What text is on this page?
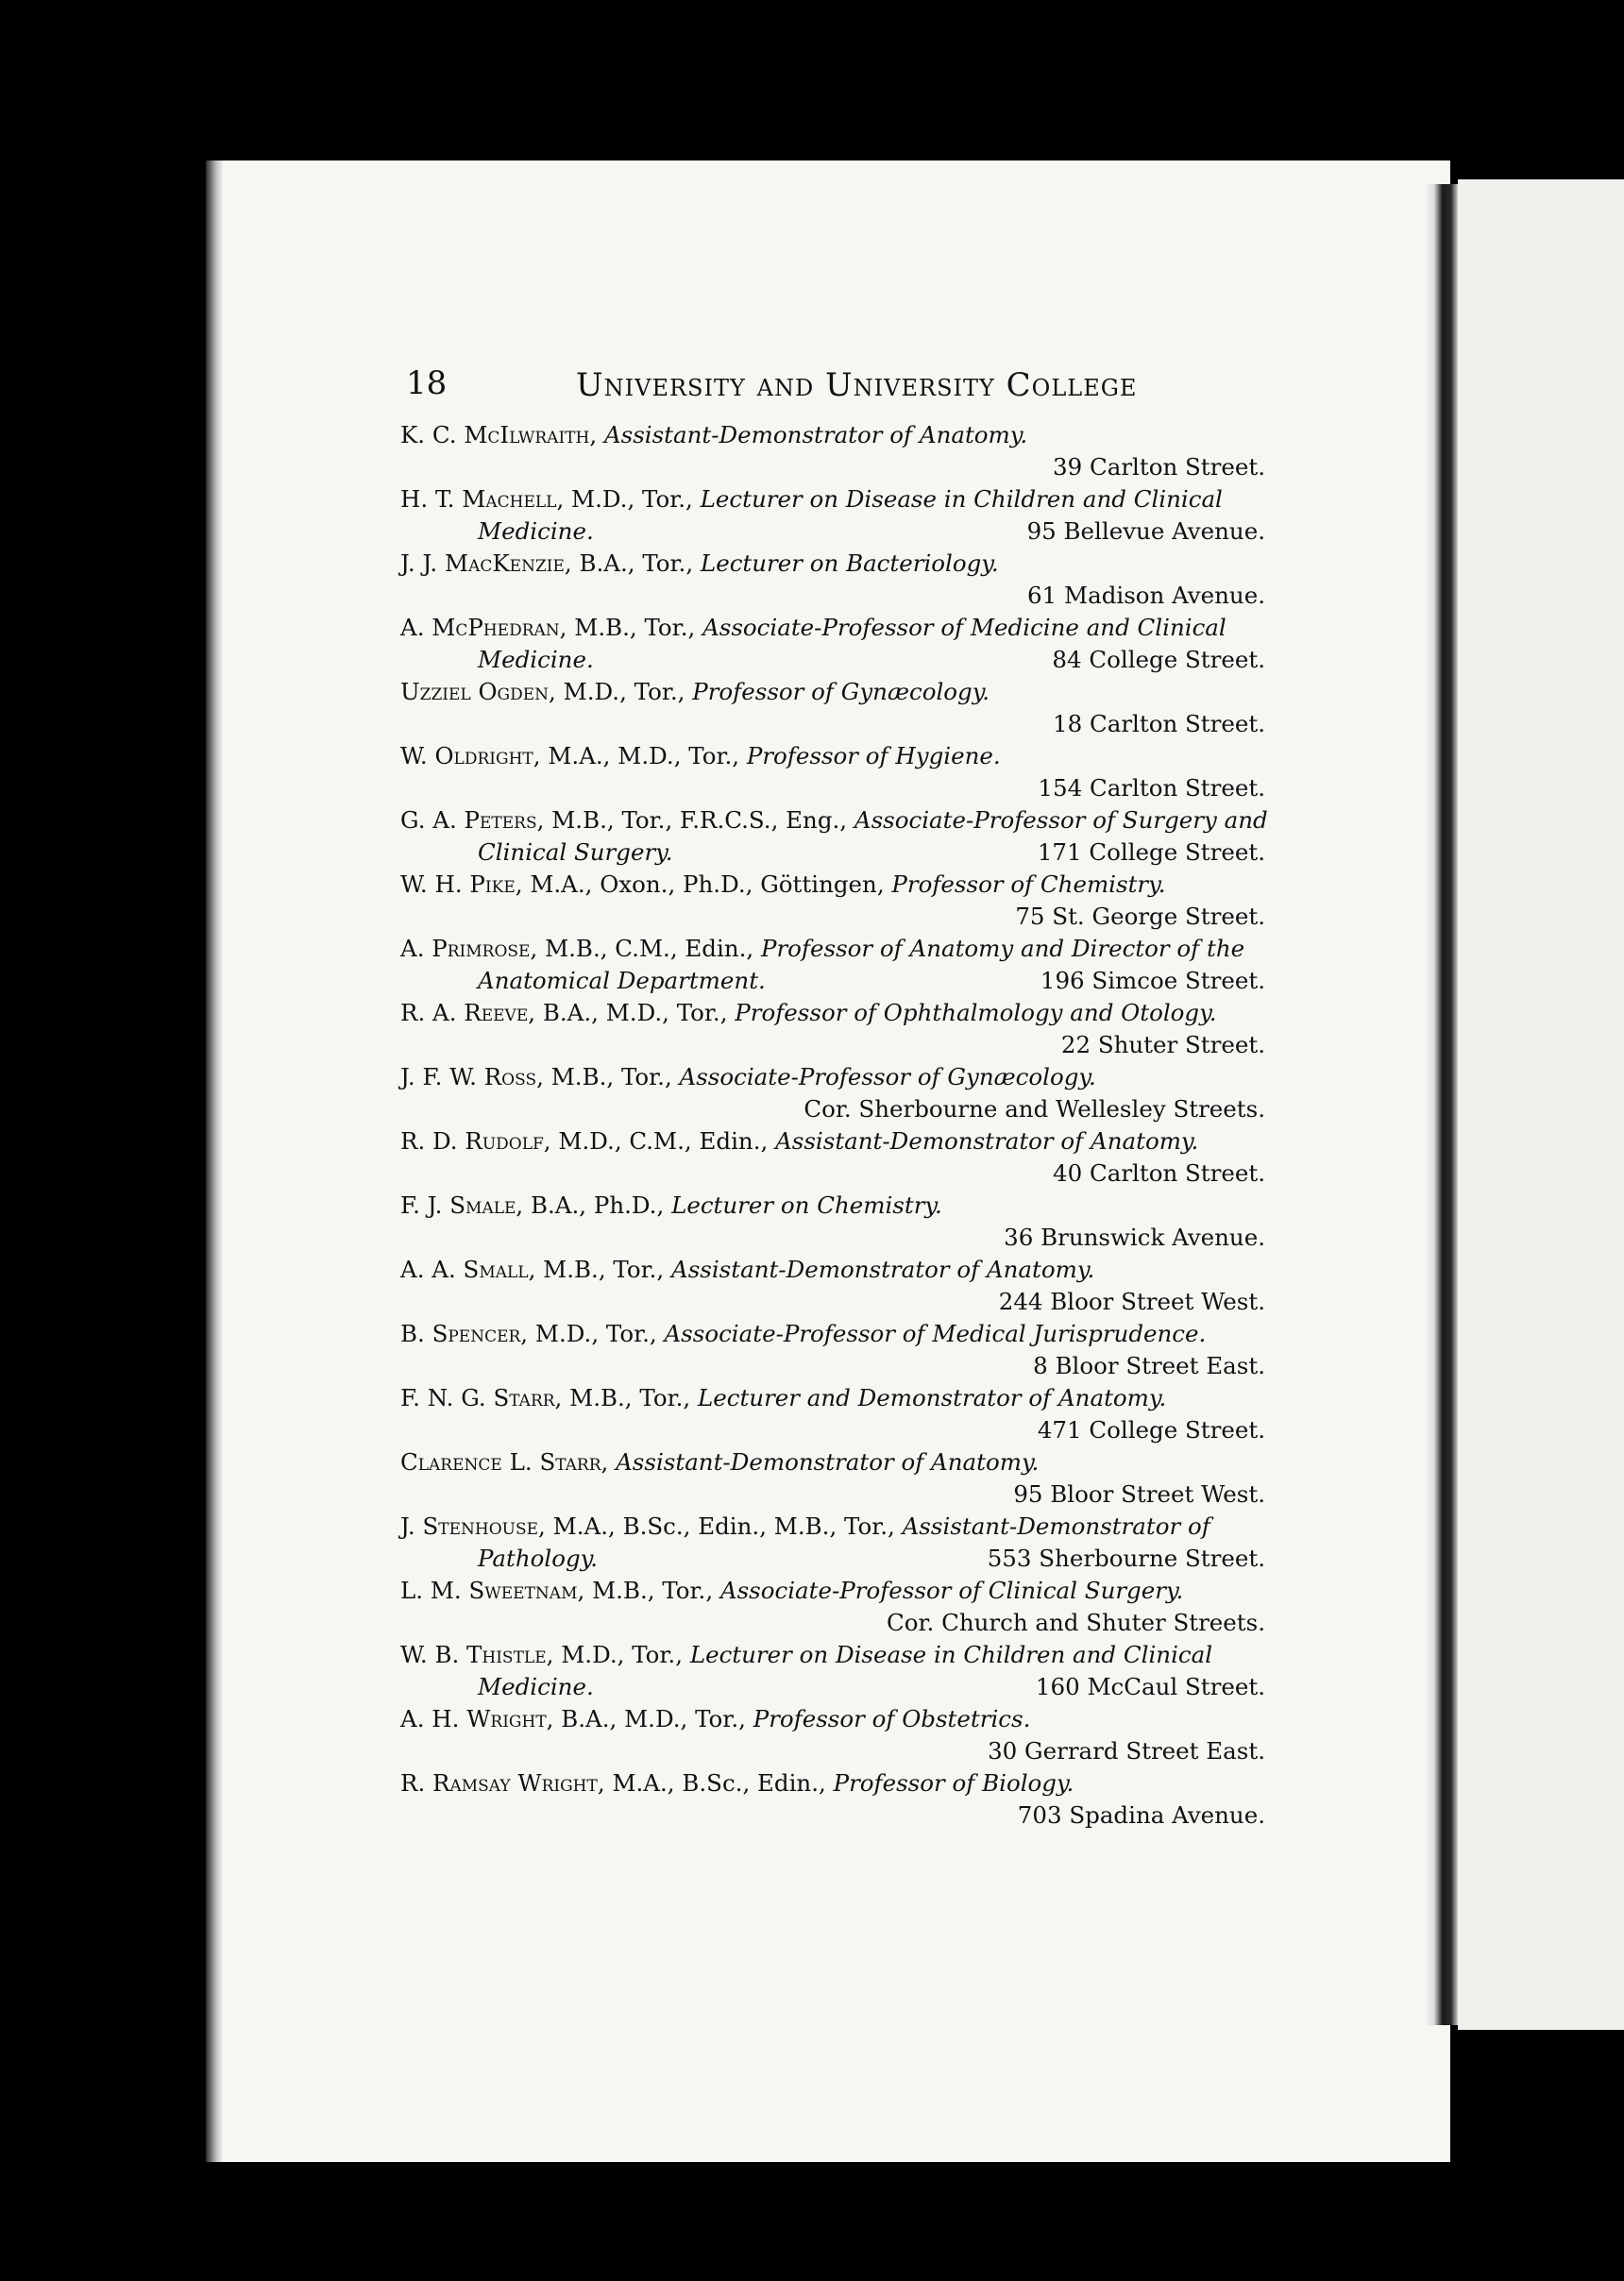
18	University and University College
K. C. McIlwraith, Assistant-Demonstrator of Anatomy.
39 Carlton Street.
H. T. Machell, M.D., Tor., Lecturer on Disease in Children and Clinical
Medicine.	95 Bellevue Avenue.
J. J. MacKenzie, B.A., Tor., Lecturer on Bacteriology.
61 Madison Avenue.
A. McPhedran, M.B., Tor., Associate-Professor of Medicine and Clinical
Medicine.	84 College Street.
Uzziel Ogden, M.D., Tor., Professor of Gynæcology.
18 Carlton Street.
W. Oldright, M.A., M.D., Tor., Professor of Hygiene.
154 Carlton Street.
G. A. Peters, M.B., Tor., F.R.C.S., Eng., Associate-Professor of Surgery and
Clinical Surgery.	171 College Street.
W. H. Pike, M.A., Oxon., Ph.D., Göttingen, Professor of Chemistry.
75 St. George Street.
A. Primrose, M.B., C.M., Edin., Professor of Anatomy and Director of the
Anatomical Department.	196 Simcoe Street.
R. A. Reeve, B.A., M.D., Tor., Professor of Ophthalmology and Otology.
22 Shuter Street.
J. F. W. Ross, M.B., Tor., Associate-Professor of Gynæcology.
Cor. Sherbourne and Wellesley Streets.
R. D. Rudolf, M.D., C.M., Edin., Assistant-Demonstrator of Anatomy.
40 Carlton Street.
F. J. Smale, B.A., Ph.D., Lecturer on Chemistry.
36 Brunswick Avenue.
A. A. Small, M.B., Tor., Assistant-Demonstrator of Anatomy.
244 Bloor Street West.
B. Spencer, M.D., Tor., Associate-Professor of Medical Jurisprudence.
8 Bloor Street East.
F. N. G. Starr, M.B., Tor., Lecturer and Demonstrator of Anatomy.
471 College Street.
Clarence L. Starr, Assistant-Demonstrator of Anatomy.
95 Bloor Street West.
J. Stenhouse, M.A., B.Sc., Edin., M.B., Tor., Assistant-Demonstrator of
Pathology.	553 Sherbourne Street.
L. M. Sweetnam, M.B., Tor., Associate-Professor of Clinical Surgery.
Cor. Church and Shuter Streets.
W. B. Thistle, M.D., Tor., Lecturer on Disease in Children and Clinical
Medicine.	160 McCaul Street.
A. H. Wright, B.A., M.D., Tor., Professor of Obstetrics.
30 Gerrard Street East.
R. Ramsay Wright, M.A., B.Sc., Edin., Professor of Biology.
703 Spadina Avenue.
